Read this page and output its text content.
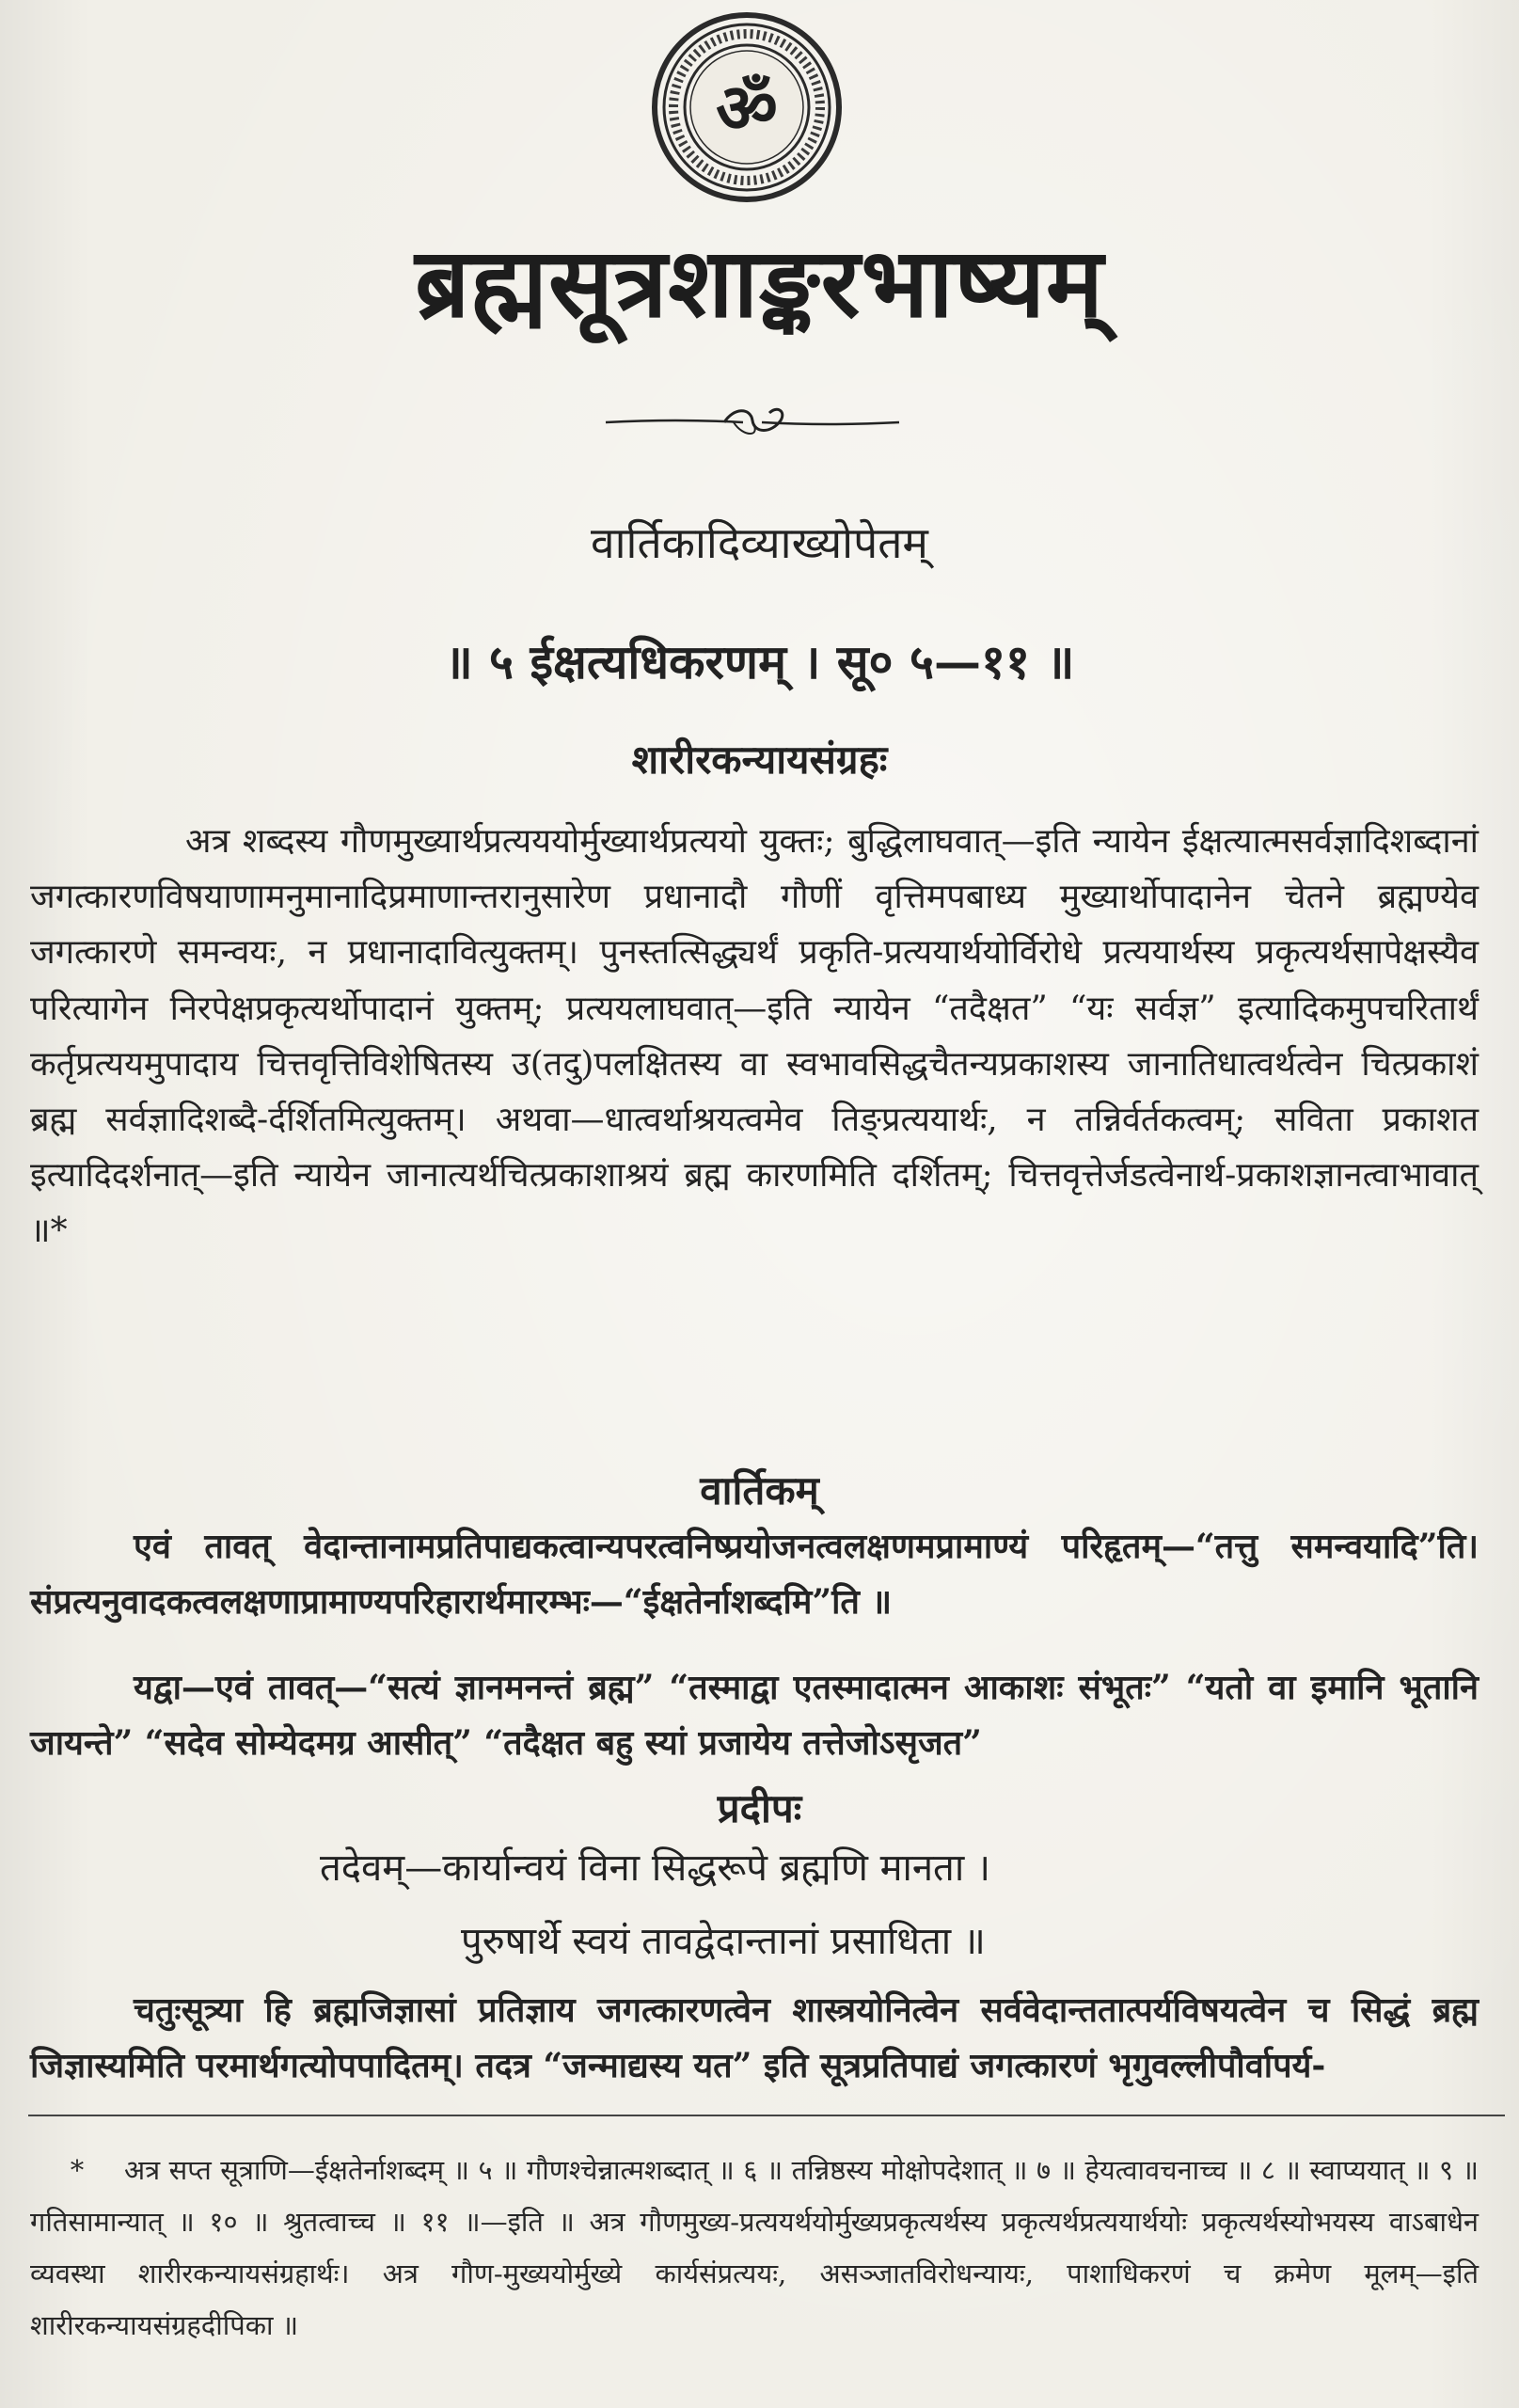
ॐ
ब्रह्मसूत्रशाङ्करभाष्यम्
वार्तिकादिव्याख्योपेतम्
॥ ५ ईक्षत्यधिकरणम् । सू० ५—११ ॥
शारीरकन्यायसंग्रहः
अत्र शब्दस्य गौणमुख्यार्थप्रत्यययोर्मुख्यार्थप्रत्ययो युक्तः; बुद्धिलाघवात्—इति न्यायेन ईक्षत्यात्मसर्वज्ञादिशब्दानां जगत्कारणविषयाणामनुमानादिप्रमाणान्तरानुसारेण प्रधानादौ गौणीं वृत्तिमपबाध्य मुख्यार्थोपादानेन चेतने ब्रह्मण्येव जगत्कारणे समन्वयः, न प्रधानादावित्युक्तम्। पुनस्तत्सिद्ध्यर्थं प्रकृति-प्रत्ययार्थयोर्विरोधे प्रत्ययार्थस्य प्रकृत्यर्थसापेक्षस्यैव परित्यागेन निरपेक्षप्रकृत्यर्थोपादानं युक्तम्; प्रत्ययलाघवात्—इति न्यायेन “तदैक्षत” “यः सर्वज्ञ” इत्यादिकमुपचरितार्थं कर्तृप्रत्ययमुपादाय चित्तवृत्तिविशेषितस्य उ(तदु)पलक्षितस्य वा स्वभावसिद्धचैतन्यप्रकाशस्य जानातिधात्वर्थत्वेन चित्प्रकाशं ब्रह्म सर्वज्ञादिशब्दै-र्दर्शितमित्युक्तम्। अथवा—धात्वर्थाश्रयत्वमेव तिङ्प्रत्ययार्थः, न तन्निर्वर्तकत्वम्; सविता प्रकाशत इत्यादिदर्शनात्—इति न्यायेन जानात्यर्थचित्प्रकाशाश्रयं ब्रह्म कारणमिति दर्शितम्; चित्तवृत्तेर्जडत्वेनार्थ-प्रकाशज्ञानत्वाभावात् ॥*
वार्तिकम्
एवं तावत् वेदान्तानामप्रतिपाद्यकत्वान्यपरत्वनिष्प्रयोजनत्वलक्षणमप्रामाण्यं परिहृतम्—“तत्तु समन्वयादि”ति। संप्रत्यनुवादकत्वलक्षणाप्रामाण्यपरिहारार्थमारम्भः—“ईक्षतेर्नाशब्दमि”ति ॥
यद्वा—एवं तावत्—“सत्यं ज्ञानमनन्तं ब्रह्म” “तस्माद्वा एतस्मादात्मन आकाशः संभूतः” “यतो वा इमानि भूतानि जायन्ते” “सदेव सोम्येदमग्र आसीत्” “तदैक्षत बहु स्यां प्रजायेय तत्तेजोऽसृजत”
प्रदीपः
तदेवम्—कार्यान्वयं विना सिद्धरूपे ब्रह्मणि मानता ।
पुरुषार्थे स्वयं तावद्वेदान्तानां प्रसाधिता ॥
चतुःसूत्र्या हि ब्रह्मजिज्ञासां प्रतिज्ञाय जगत्कारणत्वेन शास्त्रयोनित्वेन सर्ववेदान्ततात्पर्यविषयत्वेन च सिद्धं ब्रह्म जिज्ञास्यमिति परमार्थगत्योपपादितम्। तदत्र “जन्माद्यस्य यत” इति सूत्रप्रतिपाद्यं जगत्कारणं भृगुवल्लीपौर्वापर्य-
* अत्र सप्त सूत्राणि—ईक्षतेर्नाशब्दम् ॥ ५ ॥ गौणश्चेन्नात्मशब्दात् ॥ ६ ॥ तन्निष्ठस्य मोक्षोपदेशात् ॥ ७ ॥ हेयत्वावचनाच्च ॥ ८ ॥ स्वाप्ययात् ॥ ९ ॥ गतिसामान्यात् ॥ १० ॥ श्रुतत्वाच्च ॥ ११ ॥—इति ॥ अत्र गौणमुख्य-प्रत्ययर्थयोर्मुख्यप्रकृत्यर्थस्य प्रकृत्यर्थप्रत्ययार्थयोः प्रकृत्यर्थस्योभयस्य वाऽबाधेन व्यवस्था शारीरकन्यायसंग्रहार्थः। अत्र गौण-मुख्ययोर्मुख्ये कार्यसंप्रत्ययः, असञ्जातविरोधन्यायः, पाशाधिकरणं च क्रमेण मूलम्—इति शारीरकन्यायसंग्रहदीपिका ॥
